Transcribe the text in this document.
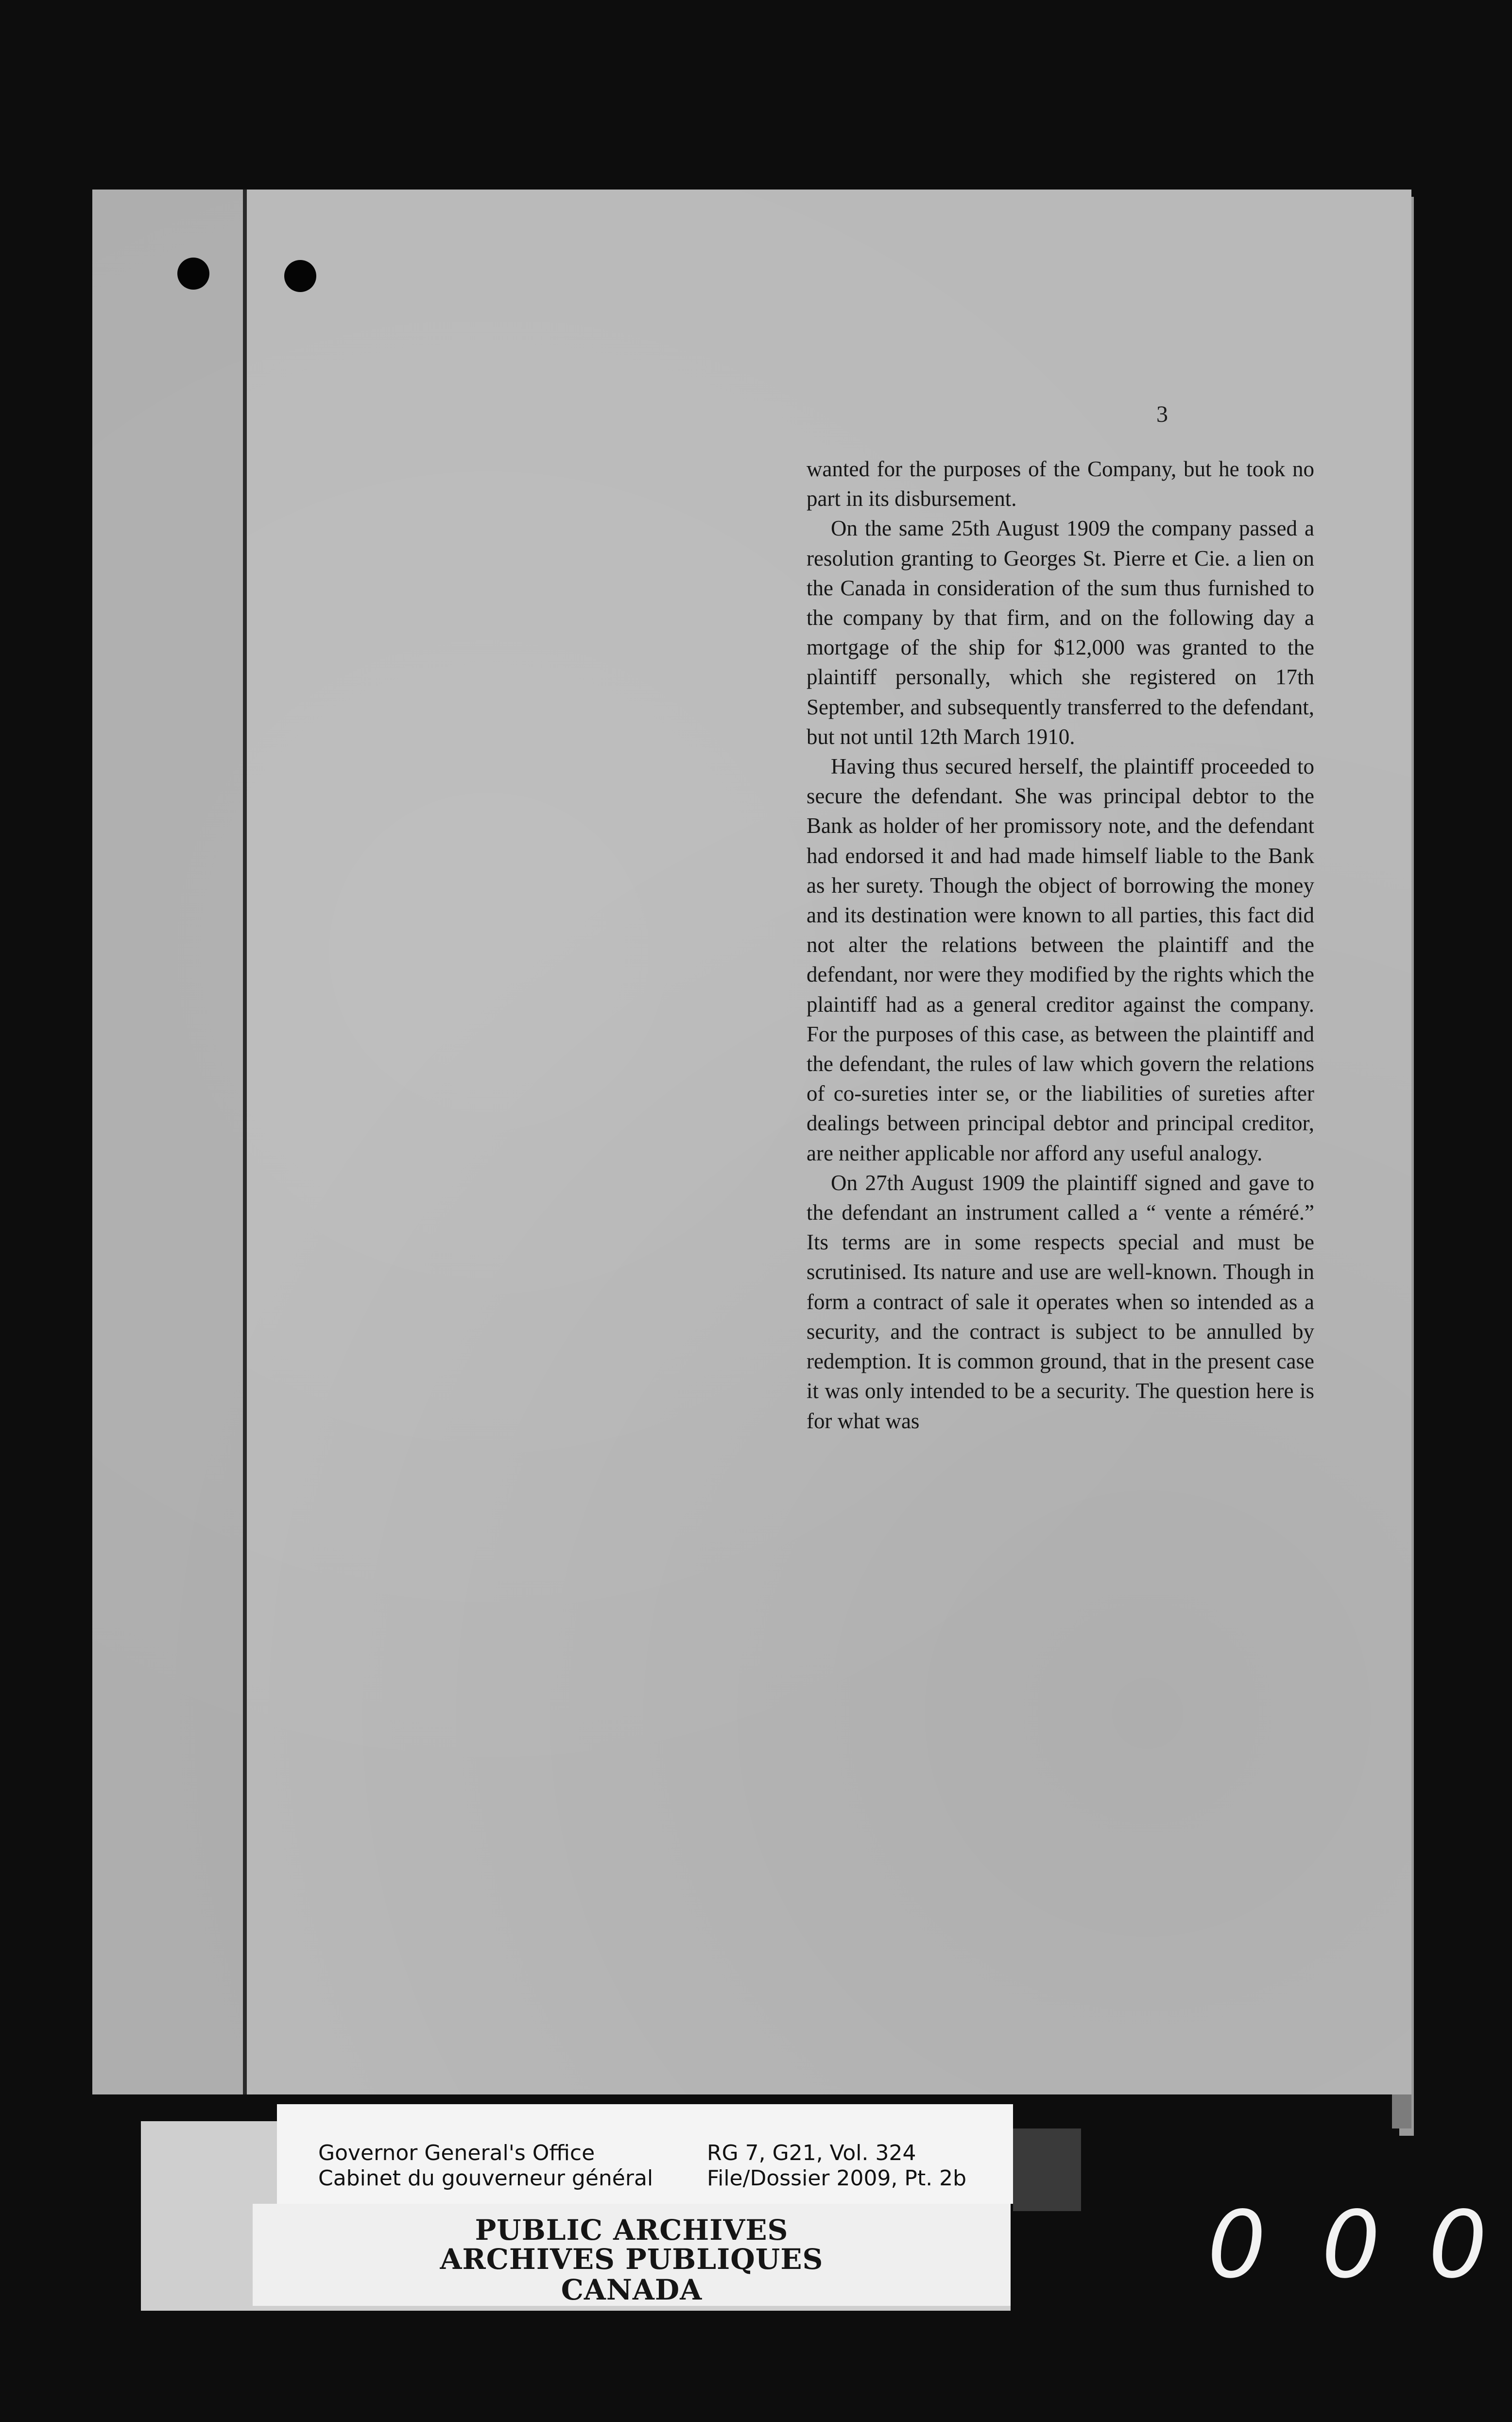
3

wanted for the purposes of the Company, but he took no part in its disbursement.

On the same 25th August 1909 the company passed a resolution granting to Georges St. Pierre et Cie. a lien on the Canada in consideration of the sum thus furnished to the company by that firm, and on the following day a mortgage of the ship for $12,000 was granted to the plaintiff personally, which she registered on 17th September, and subsequently transferred to the defendant, but not until 12th March 1910.

Having thus secured herself, the plaintiff proceeded to secure the defendant. She was principal debtor to the Bank as holder of her promissory note, and the defendant had endorsed it and had made himself liable to the Bank as her surety. Though the object of borrowing the money and its destination were known to all parties, this fact did not alter the relations between the plaintiff and the defendant, nor were they modified by the rights which the plaintiff had as a general creditor against the company. For the purposes of this case, as between the plaintiff and the defendant, the rules of law which govern the relations of co-sureties inter se, or the liabilities of sureties after dealings between principal debtor and principal creditor, are neither applicable nor afford any useful analogy.

On 27th August 1909 the plaintiff signed and gave to the defendant an instrument called a “ vente a réméré.” Its terms are in some respects special and must be scrutinised. Its nature and use are well-known. Though in form a contract of sale it operates when so intended as a security, and the contract is subject to be annulled by redemption. It is common ground, that in the present case it was only intended to be a security. The question here is for what was

Governor General's Office
Cabinet du gouverneur général
RG 7, G21, Vol. 324
File/Dossier 2009, Pt. 2b
PUBLIC ARCHIVES
ARCHIVES PUBLIQUES
CANADA	0 0 0
